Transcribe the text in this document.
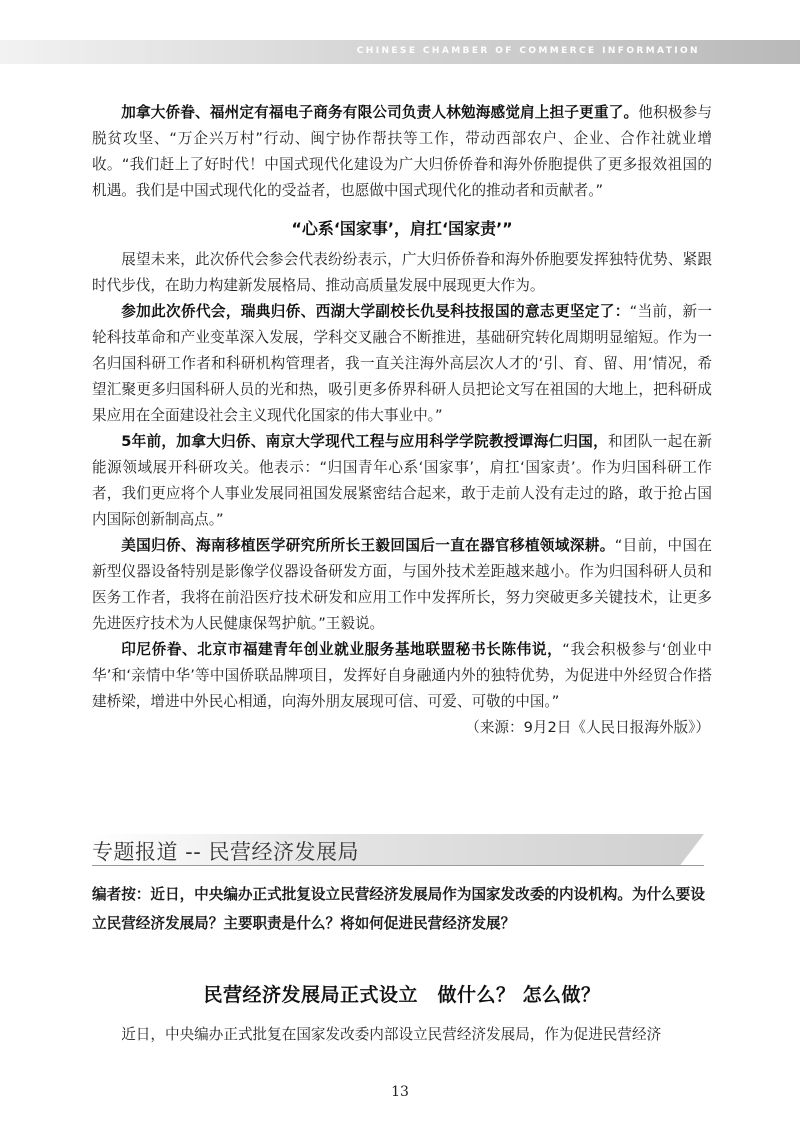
CHINESE CHAMBER OF COMMERCE INFORMATION

加拿大侨眷、福州定有福电子商务有限公司负责人林勉海感觉肩上担子更重了。他积极参与脱贫攻坚、“万企兴万村”行动、闽宁协作帮扶等工作，带动西部农户、企业、合作社就业增收。“我们赶上了好时代！中国式现代化建设为广大归侨侨眷和海外侨胞提供了更多报效祖国的机遇。我们是中国式现代化的受益者，也愿做中国式现代化的推动者和贡献者。”

“心系‘国家事’，肩扛‘国家责’”

展望未来，此次侨代会参会代表纷纷表示，广大归侨侨眷和海外侨胞要发挥独特优势、紧跟时代步伐，在助力构建新发展格局、推动高质量发展中展现更大作为。

参加此次侨代会，瑞典归侨、西湖大学副校长仇旻科技报国的意志更坚定了：“当前，新一轮科技革命和产业变革深入发展，学科交叉融合不断推进，基础研究转化周期明显缩短。作为一名归国科研工作者和科研机构管理者，我一直关注海外高层次人才的‘引、育、留、用’情况，希望汇聚更多归国科研人员的光和热，吸引更多侨界科研人员把论文写在祖国的大地上，把科研成果应用在全面建设社会主义现代化国家的伟大事业中。”

5年前，加拿大归侨、南京大学现代工程与应用科学学院教授谭海仁归国，和团队一起在新能源领域展开科研攻关。他表示：“归国青年心系‘国家事’，肩扛‘国家责’。作为归国科研工作者，我们更应将个人事业发展同祖国发展紧密结合起来，敢于走前人没有走过的路，敢于抢占国内国际创新制高点。”

美国归侨、海南移植医学研究所所长王毅回国后一直在器官移植领域深耕。“目前，中国在新型仪器设备特别是影像学仪器设备研发方面，与国外技术差距越来越小。作为归国科研人员和医务工作者，我将在前沿医疗技术研发和应用工作中发挥所长，努力突破更多关键技术，让更多先进医疗技术为人民健康保驾护航。”王毅说。

印尼侨眷、北京市福建青年创业就业服务基地联盟秘书长陈伟说，“我会积极参与‘创业中华’和‘亲情中华’等中国侨联品牌项目，发挥好自身融通内外的独特优势，为促进中外经贸合作搭建桥梁，增进中外民心相通，向海外朋友展现可信、可爱、可敬的中国。”

（来源：9月2日《人民日报海外版》）

专题报道 -- 民营经济发展局

编者按：近日，中央编办正式批复设立民营经济发展局作为国家发改委的内设机构。为什么要设立民营经济发展局？主要职责是什么？将如何促进民营经济发展？

民营经济发展局正式设立　做什么？ 怎么做？

近日，中央编办正式批复在国家发改委内部设立民营经济发展局，作为促进民营经济

13
